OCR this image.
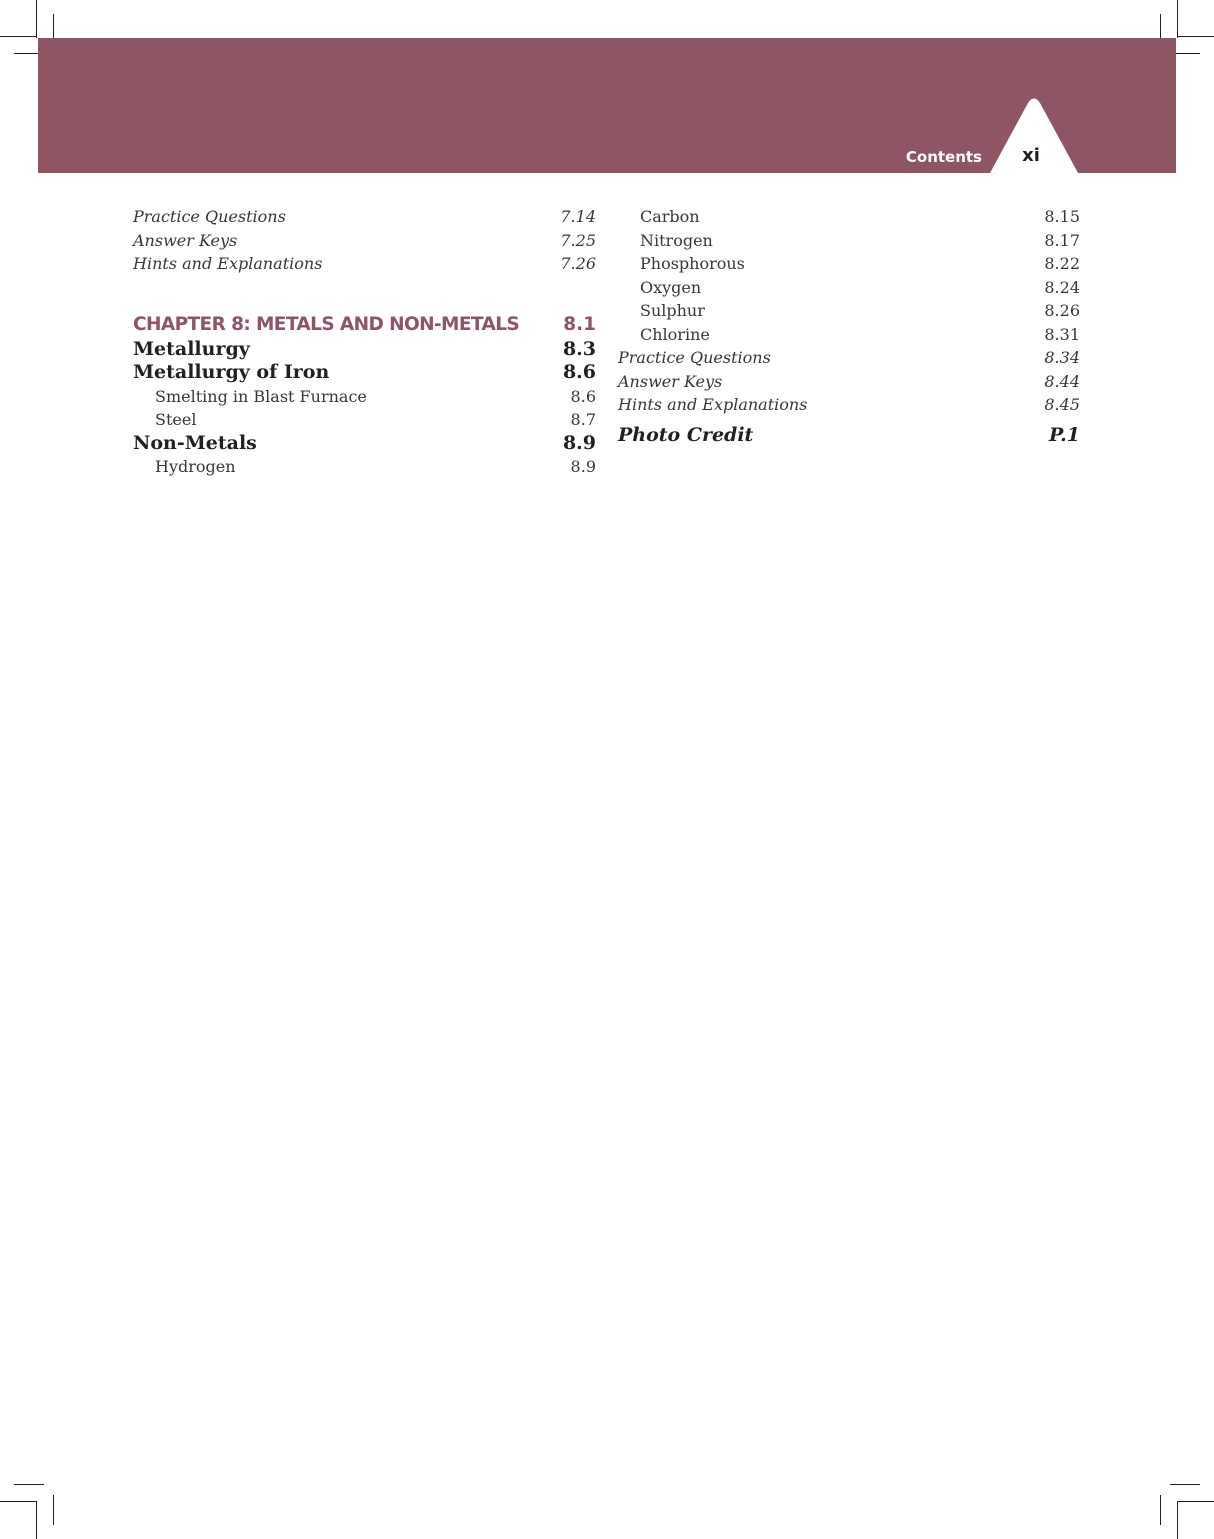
Contents	xi
Practice Questions	7.14
Answer Keys	7.25
Hints and Explanations	7.26
CHAPTER 8: METALS AND NON-METALS 8.1
Metallurgy	8.3
Metallurgy of Iron	8.6
Smelting in Blast Furnace	8.6
Steel	8.7
Non-Metals	8.9
Hydrogen	8.9
Carbon	8.15
Nitrogen	8.17
Phosphorous	8.22
Oxygen	8.24
Sulphur	8.26
Chlorine	8.31
Practice Questions	8.34
Answer Keys	8.44
Hints and Explanations	8.45
Photo Credit	P.1
